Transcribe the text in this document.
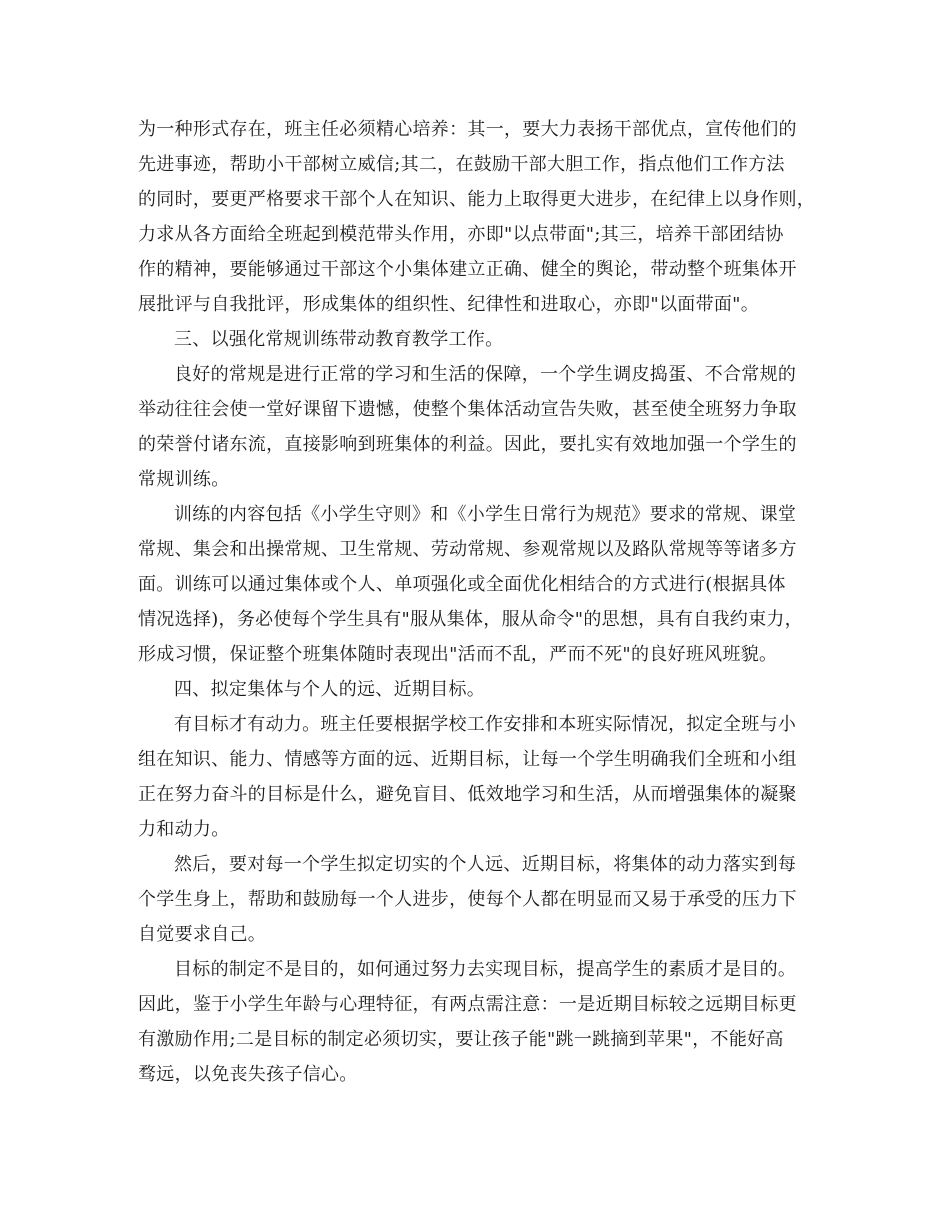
为一种形式存在，班主任必须精心培养：其一，要大力表扬干部优点，宣传他们的
先进事迹，帮助小干部树立威信;其二，在鼓励干部大胆工作，指点他们工作方法
的同时，要更严格要求干部个人在知识、能力上取得更大进步，在纪律上以身作则，
力求从各方面给全班起到模范带头作用，亦即"以点带面";其三，培养干部团结协
作的精神，要能够通过干部这个小集体建立正确、健全的舆论，带动整个班集体开
展批评与自我批评，形成集体的组织性、纪律性和进取心，亦即"以面带面"。
三、以强化常规训练带动教育教学工作。
良好的常规是进行正常的学习和生活的保障，一个学生调皮捣蛋、不合常规的
举动往往会使一堂好课留下遗憾，使整个集体活动宣告失败，甚至使全班努力争取
的荣誉付诸东流，直接影响到班集体的利益。因此，要扎实有效地加强一个学生的
常规训练。
训练的内容包括《小学生守则》和《小学生日常行为规范》要求的常规、课堂
常规、集会和出操常规、卫生常规、劳动常规、参观常规以及路队常规等等诸多方
面。训练可以通过集体或个人、单项强化或全面优化相结合的方式进行(根据具体
情况选择)，务必使每个学生具有"服从集体，服从命令"的思想，具有自我约束力，
形成习惯，保证整个班集体随时表现出"活而不乱，严而不死"的良好班风班貌。
四、拟定集体与个人的远、近期目标。
有目标才有动力。班主任要根据学校工作安排和本班实际情况，拟定全班与小
组在知识、能力、情感等方面的远、近期目标，让每一个学生明确我们全班和小组
正在努力奋斗的目标是什么，避免盲目、低效地学习和生活，从而增强集体的凝聚
力和动力。
然后，要对每一个学生拟定切实的个人远、近期目标，将集体的动力落实到每
个学生身上，帮助和鼓励每一个人进步，使每个人都在明显而又易于承受的压力下
自觉要求自己。
目标的制定不是目的，如何通过努力去实现目标，提高学生的素质才是目的。
因此，鉴于小学生年龄与心理特征，有两点需注意：一是近期目标较之远期目标更
有激励作用;二是目标的制定必须切实，要让孩子能"跳一跳摘到苹果"，不能好高
骛远，以免丧失孩子信心。
